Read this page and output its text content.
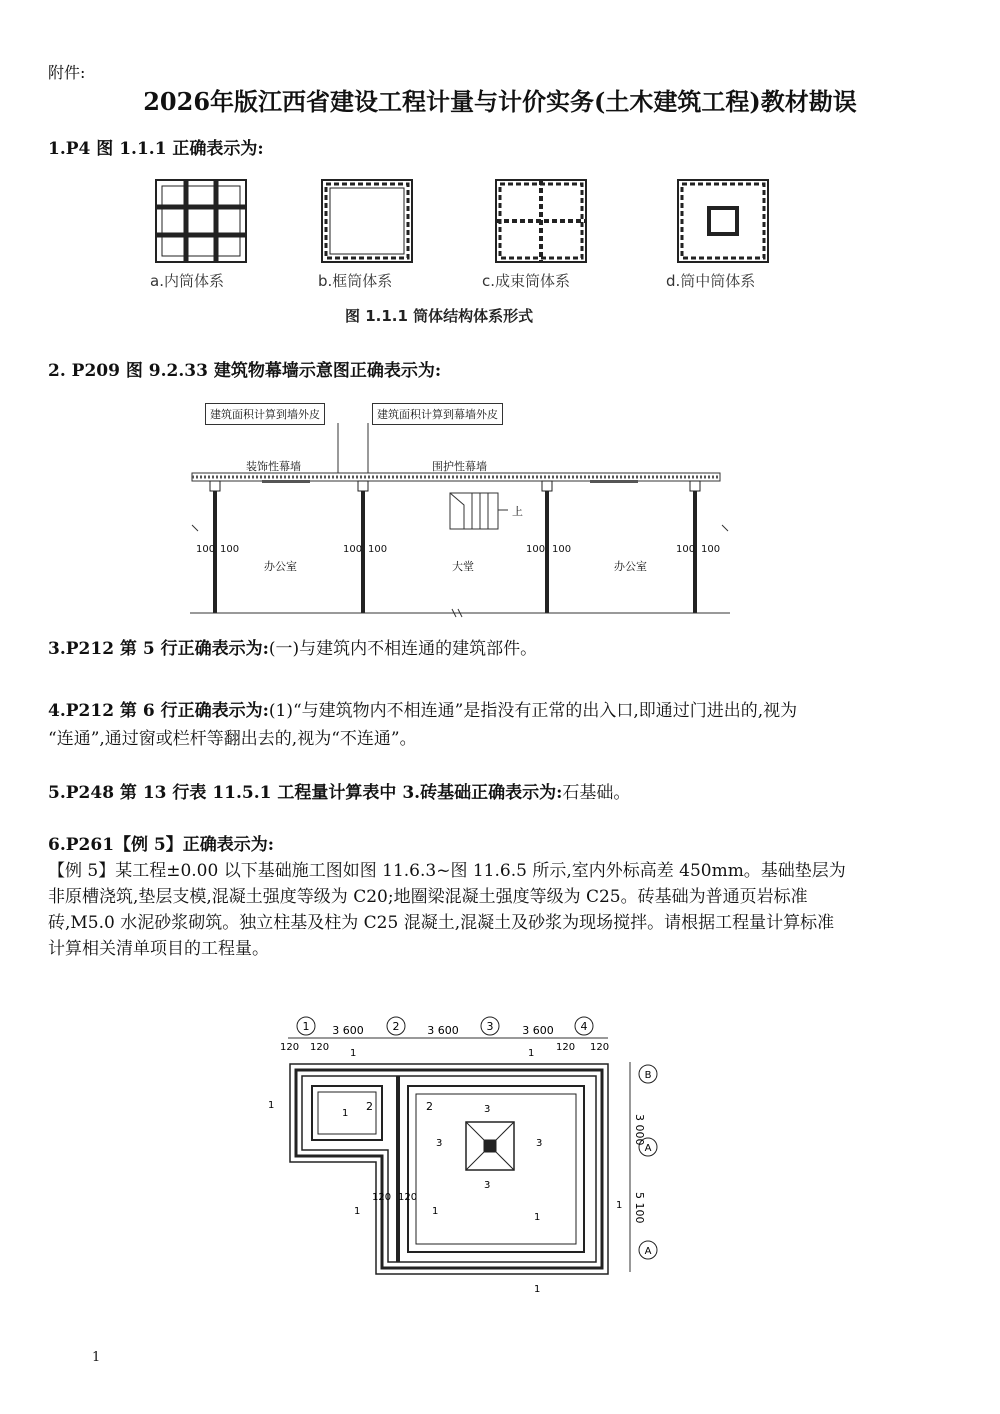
附件:
2026年版江西省建设工程计量与计价实务(土木建筑工程)教材勘误
1.P4 图 1.1.1 正确表示为:
a.内筒体系	b.框筒体系	c.成束筒体系	d.筒中筒体系
图 1.1.1 筒体结构体系形式
2. P209 图 9.2.33 建筑物幕墙示意图正确表示为:
建筑面积计算到墙外皮	建筑面积计算到幕墙外皮
装饰性幕墙	围护性幕墙
上
100 100	100 100	100 100	100 100
办公室	大堂	办公室
3.P212 第 5 行正确表示为:(一)与建筑内不相连通的建筑部件。
4.P212 第 6 行正确表示为:(1)“与建筑物内不相连通”是指没有正常的出入口,即通过门进出的,视为
“连通”,通过窗或栏杆等翻出去的,视为“不连通”。
5.P248 第 13 行表 11.5.1 工程量计算表中 3.砖基础正确表示为:石基础。
6.P261【例 5】正确表示为:
【例 5】某工程±0.00 以下基础施工图如图 11.6.3~图 11.6.5 所示,室内外标高差 450mm。基础垫层为
非原槽浇筑,垫层支模,混凝土强度等级为 C20;地圈梁混凝土强度等级为 C25。砖基础为普通页岩标准
砖,M5.0 水泥砂浆砌筑。独立柱基及柱为 C25 混凝土,混凝土及砂浆为现场搅拌。请根据工程量计算标准
计算相关清单项目的工程量。
1	2	3	4
B
A
A
3 600	3 600	3 600
120 120	120 120
3 000
5 100
1	1
1
1
2	2	3
3	3
3
1	1
1
1
1
120 120
1
